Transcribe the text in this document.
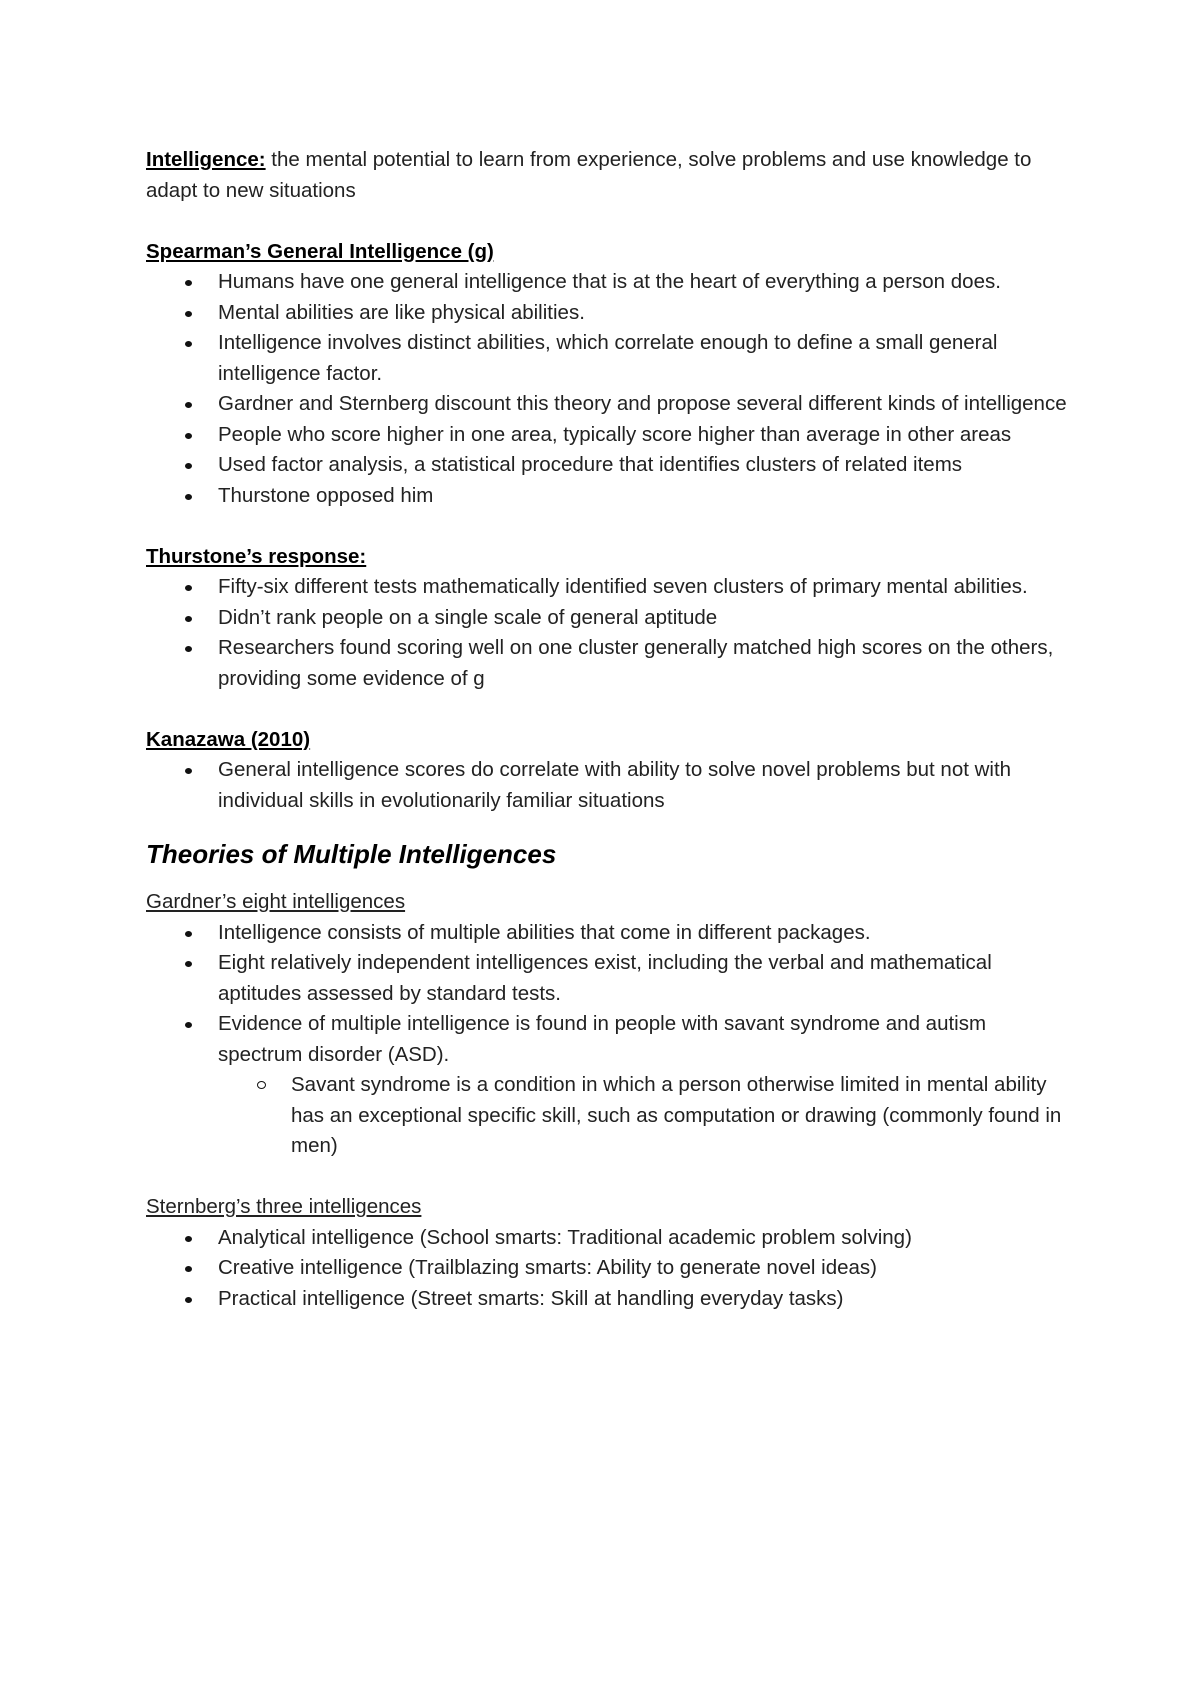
Intelligence: the mental potential to learn from experience, solve problems and use knowledge to adapt to new situations

Spearman’s General Intelligence (g)
Humans have one general intelligence that is at the heart of everything a person does.
Mental abilities are like physical abilities.
Intelligence involves distinct abilities, which correlate enough to define a small general intelligence factor.
Gardner and Sternberg discount this theory and propose several different kinds of intelligence
People who score higher in one area, typically score higher than average in other areas
Used factor analysis, a statistical procedure that identifies clusters of related items
Thurstone opposed him
Thurstone’s response:
Fifty-six different tests mathematically identified seven clusters of primary mental abilities.
Didn’t rank people on a single scale of general aptitude
Researchers found scoring well on one cluster generally matched high scores on the others, providing some evidence of g
Kanazawa (2010)
General intelligence scores do correlate with ability to solve novel problems but not with individual skills in evolutionarily familiar situations
Theories of Multiple Intelligences
Gardner’s eight intelligences
Intelligence consists of multiple abilities that come in different packages.
Eight relatively independent intelligences exist, including the verbal and mathematical aptitudes assessed by standard tests.
Evidence of multiple intelligence is found in people with savant syndrome and autism spectrum disorder (ASD).
Savant syndrome is a condition in which a person otherwise limited in mental ability has an exceptional specific skill, such as computation or drawing (commonly found in men)
Sternberg’s three intelligences
Analytical intelligence (School smarts: Traditional academic problem solving)
Creative intelligence (Trailblazing smarts: Ability to generate novel ideas)
Practical intelligence (Street smarts: Skill at handling everyday tasks)
